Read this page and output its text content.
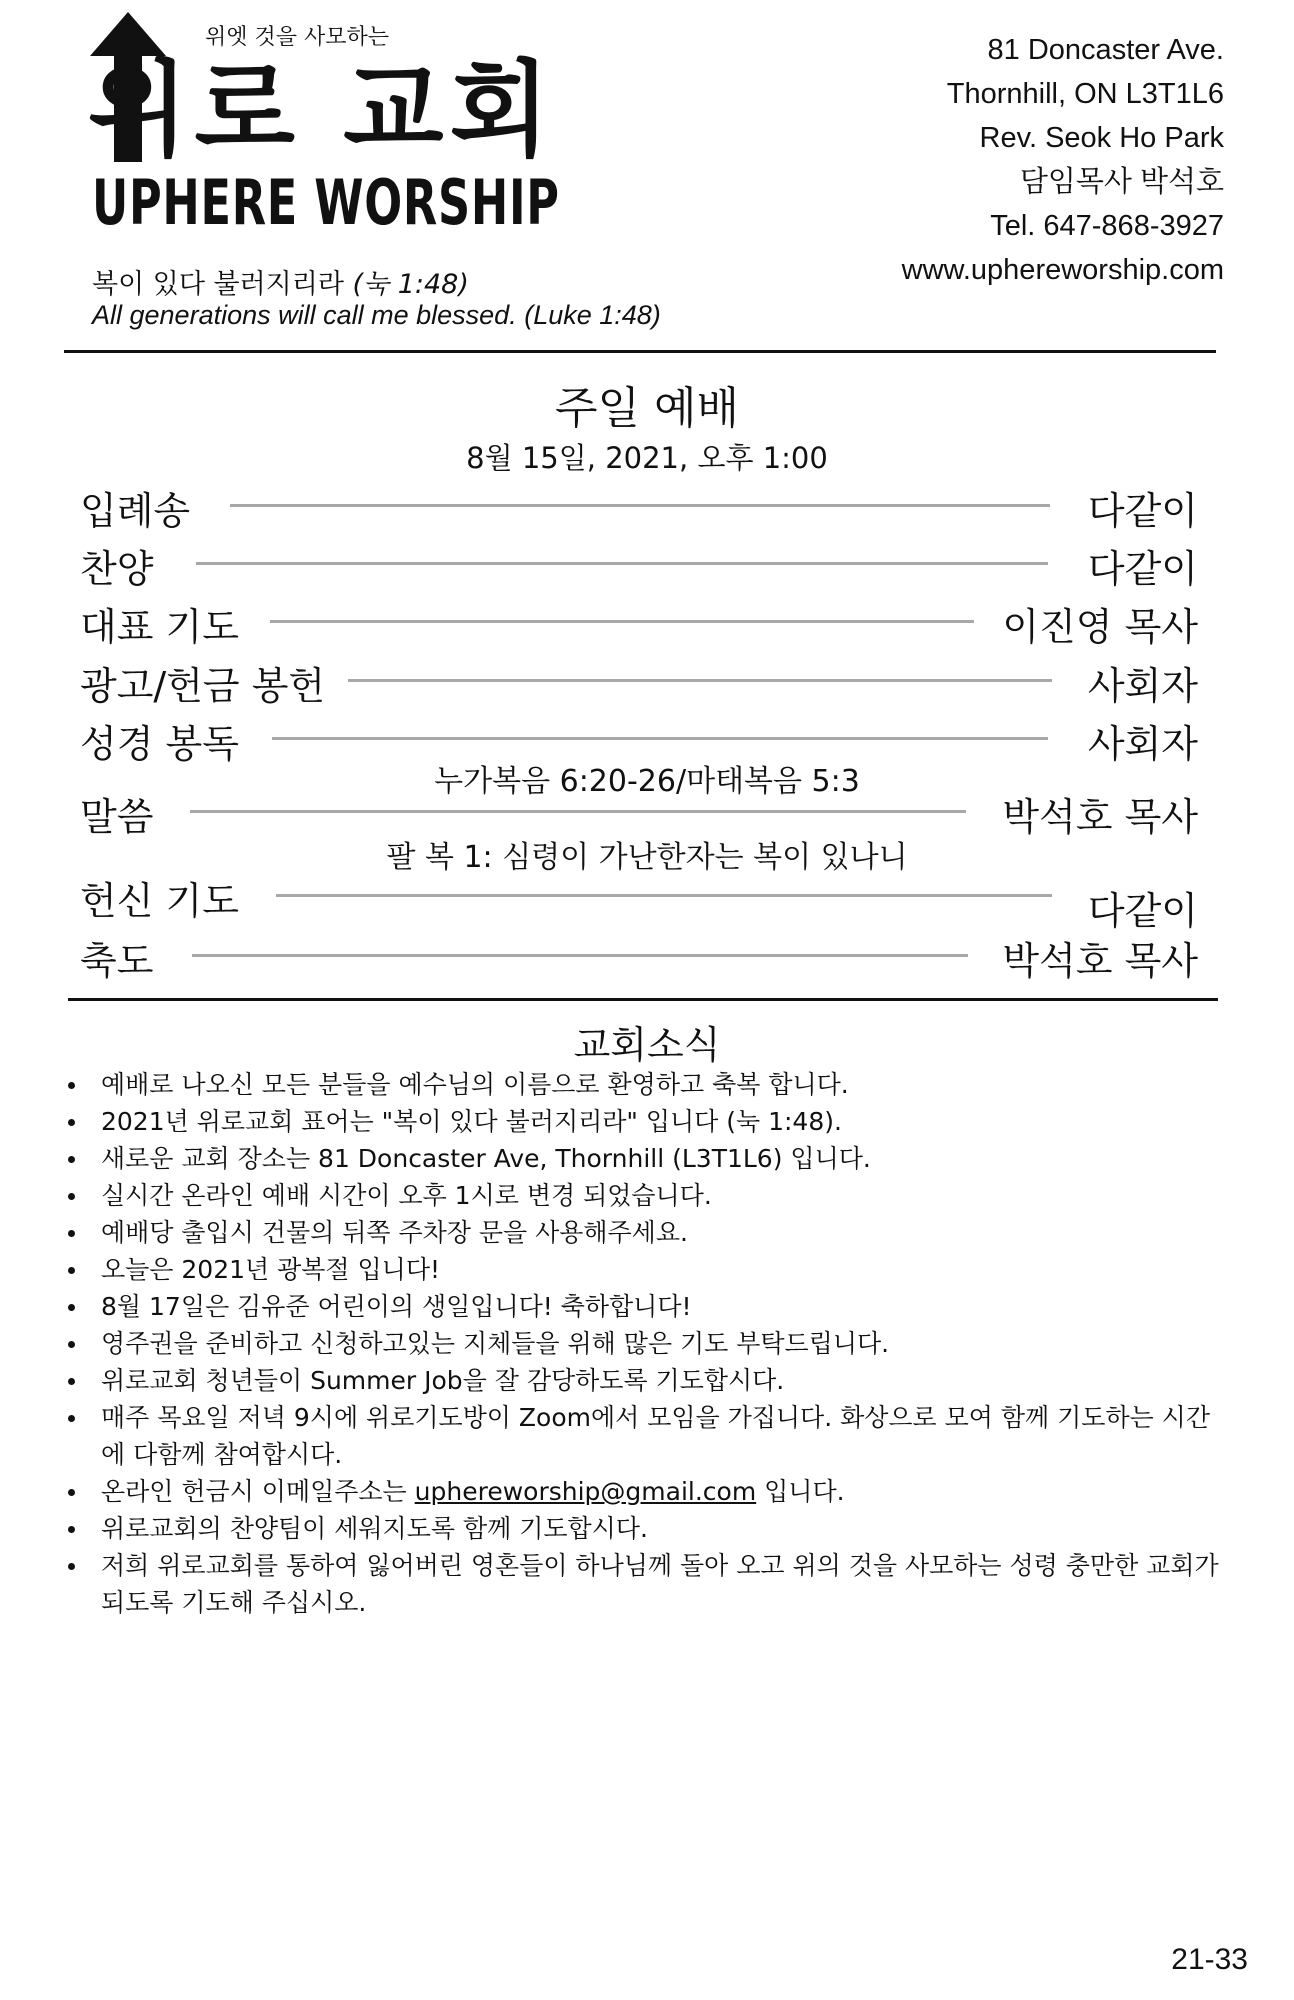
위엣 것을 사모하는
위로 교회
UPHERE WORSHIP
복이 있다 불러지리라 (눅 1:48)
All generations will call me blessed. (Luke 1:48)
81 Doncaster Ave.
Thornhill, ON L3T1L6
Rev. Seok Ho Park
담임목사 박석호
Tel. 647-868-3927
www.uphereworship.com
주일 예배
8월 15일, 2021, 오후 1:00
입례송	다같이
찬양	다같이
대표 기도	이진영 목사
광고/헌금 봉헌	사회자
성경 봉독	사회자
누가복음 6:20-26/마태복음 5:3
말씀	박석호 목사
팔 복 1: 심령이 가난한자는 복이 있나니
헌신 기도	다같이
축도	박석호 목사
교회소식
예배로 나오신 모든 분들을 예수님의 이름으로 환영하고 축복 합니다.
2021년 위로교회 표어는 "복이 있다 불러지리라" 입니다 (눅 1:48).
새로운 교회 장소는 81 Doncaster Ave, Thornhill (L3T1L6) 입니다.
실시간 온라인 예배 시간이 오후 1시로 변경 되었습니다.
예배당 출입시 건물의 뒤쪽 주차장 문을 사용해주세요.
오늘은 2021년 광복절 입니다!
8월 17일은 김유준 어린이의 생일입니다! 축하합니다!
영주권을 준비하고 신청하고있는 지체들을 위해 많은 기도 부탁드립니다.
위로교회 청년들이 Summer Job을 잘 감당하도록 기도합시다.
매주 목요일 저녁 9시에 위로기도방이 Zoom에서 모임을 가집니다. 화상으로 모여 함께 기도하는 시간에 다함께 참여합시다.
온라인 헌금시 이메일주소는 uphereworship@gmail.com 입니다.
위로교회의 찬양팀이 세워지도록 함께 기도합시다.
저희 위로교회를 통하여 잃어버린 영혼들이 하나님께 돌아 오고 위의 것을 사모하는 성령 충만한 교회가되도록 기도해 주십시오.
21-33
